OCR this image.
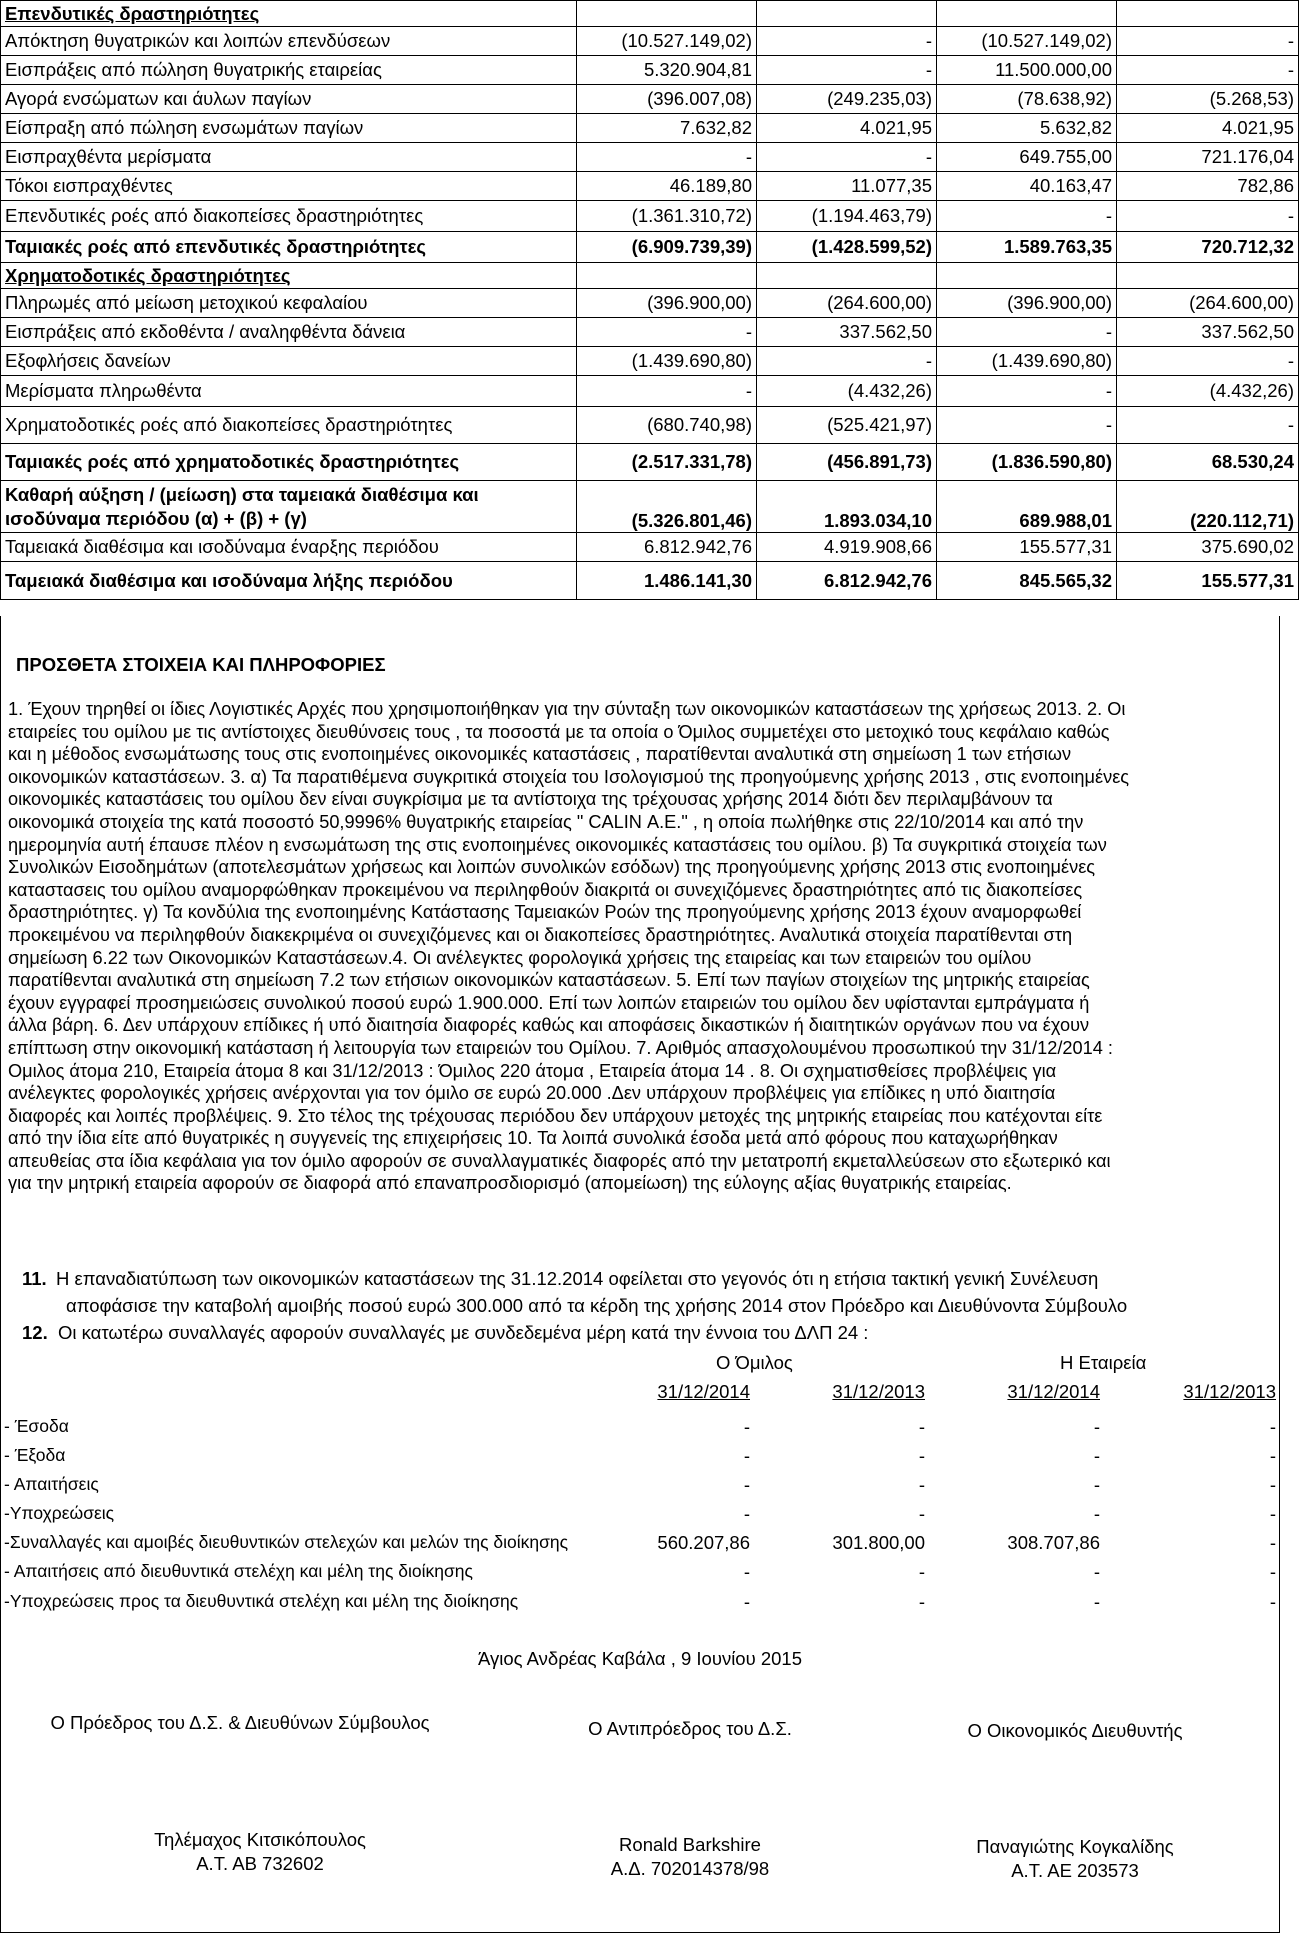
Επενδυτικές δραστηριότητες				
Απόκτηση θυγατρικών και λοιπών επενδύσεων	(10.527.149,02)	-	(10.527.149,02)	-
Εισπράξεις από πώληση θυγατρικής εταιρείας	5.320.904,81	-	11.500.000,00	-
Αγορά ενσώματων και άυλων παγίων	(396.007,08)	(249.235,03)	(78.638,92)	(5.268,53)
Είσπραξη από πώληση ενσωμάτων παγίων	7.632,82	4.021,95	5.632,82	4.021,95
Εισπραχθέντα μερίσματα	-	-	649.755,00	721.176,04
Τόκοι εισπραχθέντες	46.189,80	11.077,35	40.163,47	782,86
Επενδυτικές ροές από διακοπείσες δραστηριότητες	(1.361.310,72)	(1.194.463,79)	-	-
Ταμιακές ροές από επενδυτικές δραστηριότητες	(6.909.739,39)	(1.428.599,52)	1.589.763,35	720.712,32
Χρηματοδοτικές δραστηριότητες				
Πληρωμές από μείωση μετοχικού κεφαλαίου	(396.900,00)	(264.600,00)	(396.900,00)	(264.600,00)
Εισπράξεις από εκδοθέντα / αναληφθέντα δάνεια	-	337.562,50	-	337.562,50
Εξοφλήσεις δανείων	(1.439.690,80)	-	(1.439.690,80)	-
Μερίσματα πληρωθέντα	-	(4.432,26)	-	(4.432,26)
Χρηματοδοτικές ροές από διακοπείσες δραστηριότητες	(680.740,98)	(525.421,97)	-	-
Ταμιακές ροές από χρηματοδοτικές δραστηριότητες	(2.517.331,78)	(456.891,73)	(1.836.590,80)	68.530,24
Καθαρή αύξηση / (μείωση) στα ταμειακά διαθέσιμα και ισοδύναμα περιόδου (α) + (β) + (γ)	(5.326.801,46)	1.893.034,10	689.988,01	(220.112,71)
Ταμειακά διαθέσιμα και ισοδύναμα έναρξης περιόδου	6.812.942,76	4.919.908,66	155.577,31	375.690,02
Ταμειακά διαθέσιμα και ισοδύναμα λήξης περιόδου	1.486.141,30	6.812.942,76	845.565,32	155.577,31
ΠΡΟΣΘΕΤΑ ΣΤΟΙΧΕΙΑ ΚΑΙ ΠΛΗΡΟΦΟΡΙΕΣ
1. Έχουν τηρηθεί οι ίδιες Λογιστικές Αρχές που χρησιμοποιήθηκαν για την σύνταξη των οικονομικών καταστάσεων της χρήσεως 2013. 2. Οι
εταιρείες του ομίλου με τις αντίστοιχες διευθύνσεις τους , τα ποσοστά με τα οποία ο Όμιλος συμμετέχει στο μετοχικό τους κεφάλαιο καθώς
και η μέθοδος ενσωμάτωσης τους στις ενοποιημένες οικονομικές καταστάσεις , παρατίθενται αναλυτικά στη σημείωση 1 των ετήσιων
οικονομικών καταστάσεων. 3. α) Τα παρατιθέμενα συγκριτικά στοιχεία του Ισολογισμού της προηγούμενης χρήσης 2013 , στις ενοποιημένες
οικονομικές καταστάσεις του ομίλου δεν είναι συγκρίσιμα με τα αντίστοιχα της τρέχουσας χρήσης 2014 διότι δεν περιλαμβάνουν τα
οικονομικά στοιχεία της κατά ποσοστό 50,9996% θυγατρικής εταιρείας " CALIN Α.Ε." , η οποία πωλήθηκε στις 22/10/2014 και από την
ημερομηνία αυτή έπαυσε πλέον η ενσωμάτωση της στις ενοποιημένες οικονομικές καταστάσεις του ομίλου. β) Τα συγκριτικά στοιχεία των
Συνολικών Εισοδημάτων (αποτελεσμάτων χρήσεως και λοιπών συνολικών εσόδων) της προηγούμενης χρήσης 2013 στις ενοποιημένες
καταστασεις του ομίλου αναμορφώθηκαν προκειμένου να περιληφθούν διακριτά οι συνεχιζόμενες δραστηριότητες από τις διακοπείσες
δραστηριότητες. γ) Τα κονδύλια της ενοποιημένης Κατάστασης Ταμειακών Ροών της προηγούμενης χρήσης 2013 έχουν αναμορφωθεί
προκειμένου να περιληφθούν διακεκριμένα οι συνεχιζόμενες και οι διακοπείσες δραστηριότητες. Αναλυτικά στοιχεία παρατίθενται στη
σημείωση 6.22 των Οικονομικών Καταστάσεων.4. Οι ανέλεγκτες φορολογικά χρήσεις της εταιρείας και των εταιρειών του ομίλου
παρατίθενται αναλυτικά στη σημείωση 7.2 των ετήσιων οικονομικών καταστάσεων. 5. Επί των παγίων στοιχείων της μητρικής εταιρείας
έχουν εγγραφεί προσημειώσεις συνολικού ποσού ευρώ 1.900.000. Επί των λοιπών εταιρειών του ομίλου δεν υφίστανται εμπράγματα ή
άλλα βάρη. 6. Δεν υπάρχουν επίδικες ή υπό διαιτησία διαφορές καθώς και αποφάσεις δικαστικών ή διαιτητικών οργάνων που να έχουν
επίπτωση στην οικονομική κατάσταση ή λειτουργία των εταιρειών του Ομίλου. 7. Αριθμός απασχολουμένου προσωπικού την 31/12/2014 :
Ομιλος άτομα 210, Εταιρεία άτομα 8 και 31/12/2013 : Όμιλος 220 άτομα , Εταιρεία άτομα 14 . 8. Οι σχηματισθείσες προβλέψεις για
ανέλεγκτες φορολογικές χρήσεις ανέρχονται για τον όμιλο σε ευρώ 20.000 .Δεν υπάρχουν προβλέψεις για επίδικες η υπό διαιτησία
διαφορές και λοιπές προβλέψεις. 9. Στο τέλος της τρέχουσας περιόδου δεν υπάρχουν μετοχές της μητρικής εταιρείας που κατέχονται είτε
από την ίδια είτε από θυγατρικές η συγγενείς της επιχειρήσεις 10. Τα λοιπά συνολικά έσοδα μετά από φόρους που καταχωρήθηκαν
απευθείας στα ίδια κεφάλαια για τον όμιλο αφορούν σε συναλλαγματικές διαφορές από την μετατροπή εκμεταλλεύσεων στο εξωτερικό και
για την μητρική εταιρεία αφορούν σε διαφορά από επαναπροσδιορισμό (απομείωση) της εύλογης αξίας θυγατρικής εταιρείας.
11. Η επαναδιατύπωση των οικονομικών καταστάσεων της 31.12.2014 οφείλεται στο γεγονός ότι η ετήσια τακτική γενική Συνέλευση
αποφάσισε την καταβολή αμοιβής ποσού ευρώ 300.000 από τα κέρδη της χρήσης 2014 στον Πρόεδρο και Διευθύνοντα Σύμβουλο
12. Οι κατωτέρω συναλλαγές αφορούν συναλλαγές με συνδεδεμένα μέρη κατά την έννοια του ΔΛΠ 24 :
Ο Όμιλος	Η Εταιρεία
31/12/2014	31/12/2013	31/12/2014	31/12/2013
- Έσοδα	-	-	-	-
- Έξοδα	-	-	-	-
- Απαιτήσεις	-	-	-	-
-Υποχρεώσεις	-	-	-	-
-Συναλλαγές και αμοιβές διευθυντικών στελεχών και μελών της διοίκησης	560.207,86	301.800,00	308.707,86	-
- Απαιτήσεις από διευθυντικά στελέχη και μέλη της διοίκησης	-	-	-	-
-Υποχρεώσεις προς τα διευθυντικά στελέχη και μέλη της διοίκησης	-	-	-	-
Άγιος Ανδρέας Καβάλα , 9 Ιουνίου 2015
Ο Πρόεδρος του Δ.Σ. & Διευθύνων Σύμβουλος	Ο Αντιπρόεδρος του Δ.Σ.	Ο Οικονομικός Διευθυντής
Τηλέμαχος Κιτσικόπουλος
Α.Τ. ΑΒ 732602
Ronald Barkshire
Α.Δ. 702014378/98
Παναγιώτης Κογκαλίδης
Α.Τ. ΑΕ 203573
